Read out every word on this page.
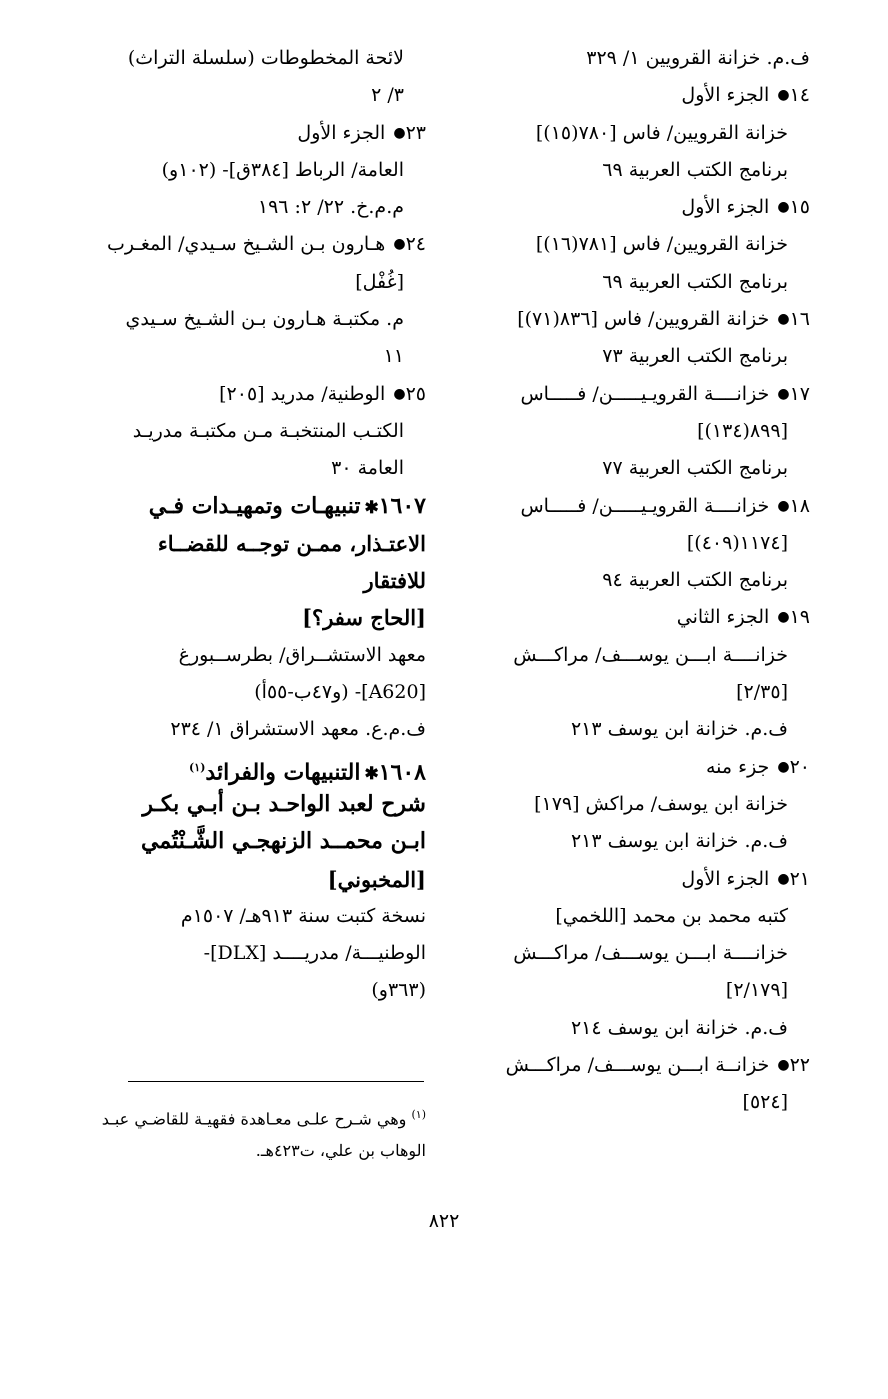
ف.م. خزانة القرويين ١/ ٣٢٩
١٤● الجزء الأول
خزانة القرويين/ فاس [٧٨٠(١٥)]
برنامج الكتب العربية ٦٩
١٥● الجزء الأول
خزانة القرويين/ فاس [٧٨١(١٦)]
برنامج الكتب العربية ٦٩
١٦● خزانة القرويين/ فاس [٨٣٦(٧١)]
برنامج الكتب العربية ٧٣
١٧● خزانــــة القرويـيـــــن/ فـــــاس
[٨٩٩(١٣٤)]
برنامج الكتب العربية ٧٧
١٨● خزانــــة القرويـيـــــن/ فـــــاس
[١١٧٤(٤٠٩)]
برنامج الكتب العربية ٩٤
١٩● الجزء الثاني
خزانــــة ابـــن يوســـف/ مراكـــش
[٢/٣٥]
ف.م. خزانة ابن يوسف ٢١٣
٢٠● جزء منه
خزانة ابن يوسف/ مراكش [١٧٩]
ف.م. خزانة ابن يوسف ٢١٣
٢١● الجزء الأول
كتبه محمد بن محمد [اللخمي]
خزانــــة ابـــن يوســـف/ مراكـــش
[٢/١٧٩]
ف.م. خزانة ابن يوسف ٢١٤
٢٢● خزانــة ابـــن يوســـف/ مراكـــش
[٥٢٤]
لائحة المخطوطات (سلسلة التراث)
٣/ ٢
٢٣● الجزء الأول
العامة/ الرباط [٣٨٤ق]- (١٠٢و)
م.م.خ. ٢٢/ ٢: ١٩٦
٢٤● هـارون بـن الشـيخ سـيدي/ المغـرب
[غُفْل]
م. مكتبـة هـارون بـن الشـيخ سـيدي
١١
٢٥● الوطنية/ مدريد [٢٠٥]
الكتـب المنتخبـة مـن مكتبـة مدريـد
العامة ٣٠
١٦٠٧✱تنبيهـات وتمهيـدات فـي
الاعتـذار، ممـن توجــه للقضــاء
للافتقار
[الحاج سفر؟]
معهد الاستشــراق/ بطرســبورغ
[A620]- (و٤٧ب-٥٥أ)
ف.م.ع. معهد الاستشراق ١/ ٢٣٤
١٦٠٨✱التنبيهات والفرائد$^{(١)}$
شرح لعبد الواحـد بـن أبـي بكـر
ابـن محمــد الزنهجـي الشَّـنْتُمي
[المخبوني]
نسخة كتبت سنة ٩١٣هـ/ ١٥٠٧م
الوطنيـــة/ مدريــــد [DLX]-
(٣٦٣و)
$^{(١)}$ وهي شـرح علـى معـاهدة فقهيـة للقاضـي عبـد
الوهاب بن علي، ت٤٢٣هـ.
٨٢٢
